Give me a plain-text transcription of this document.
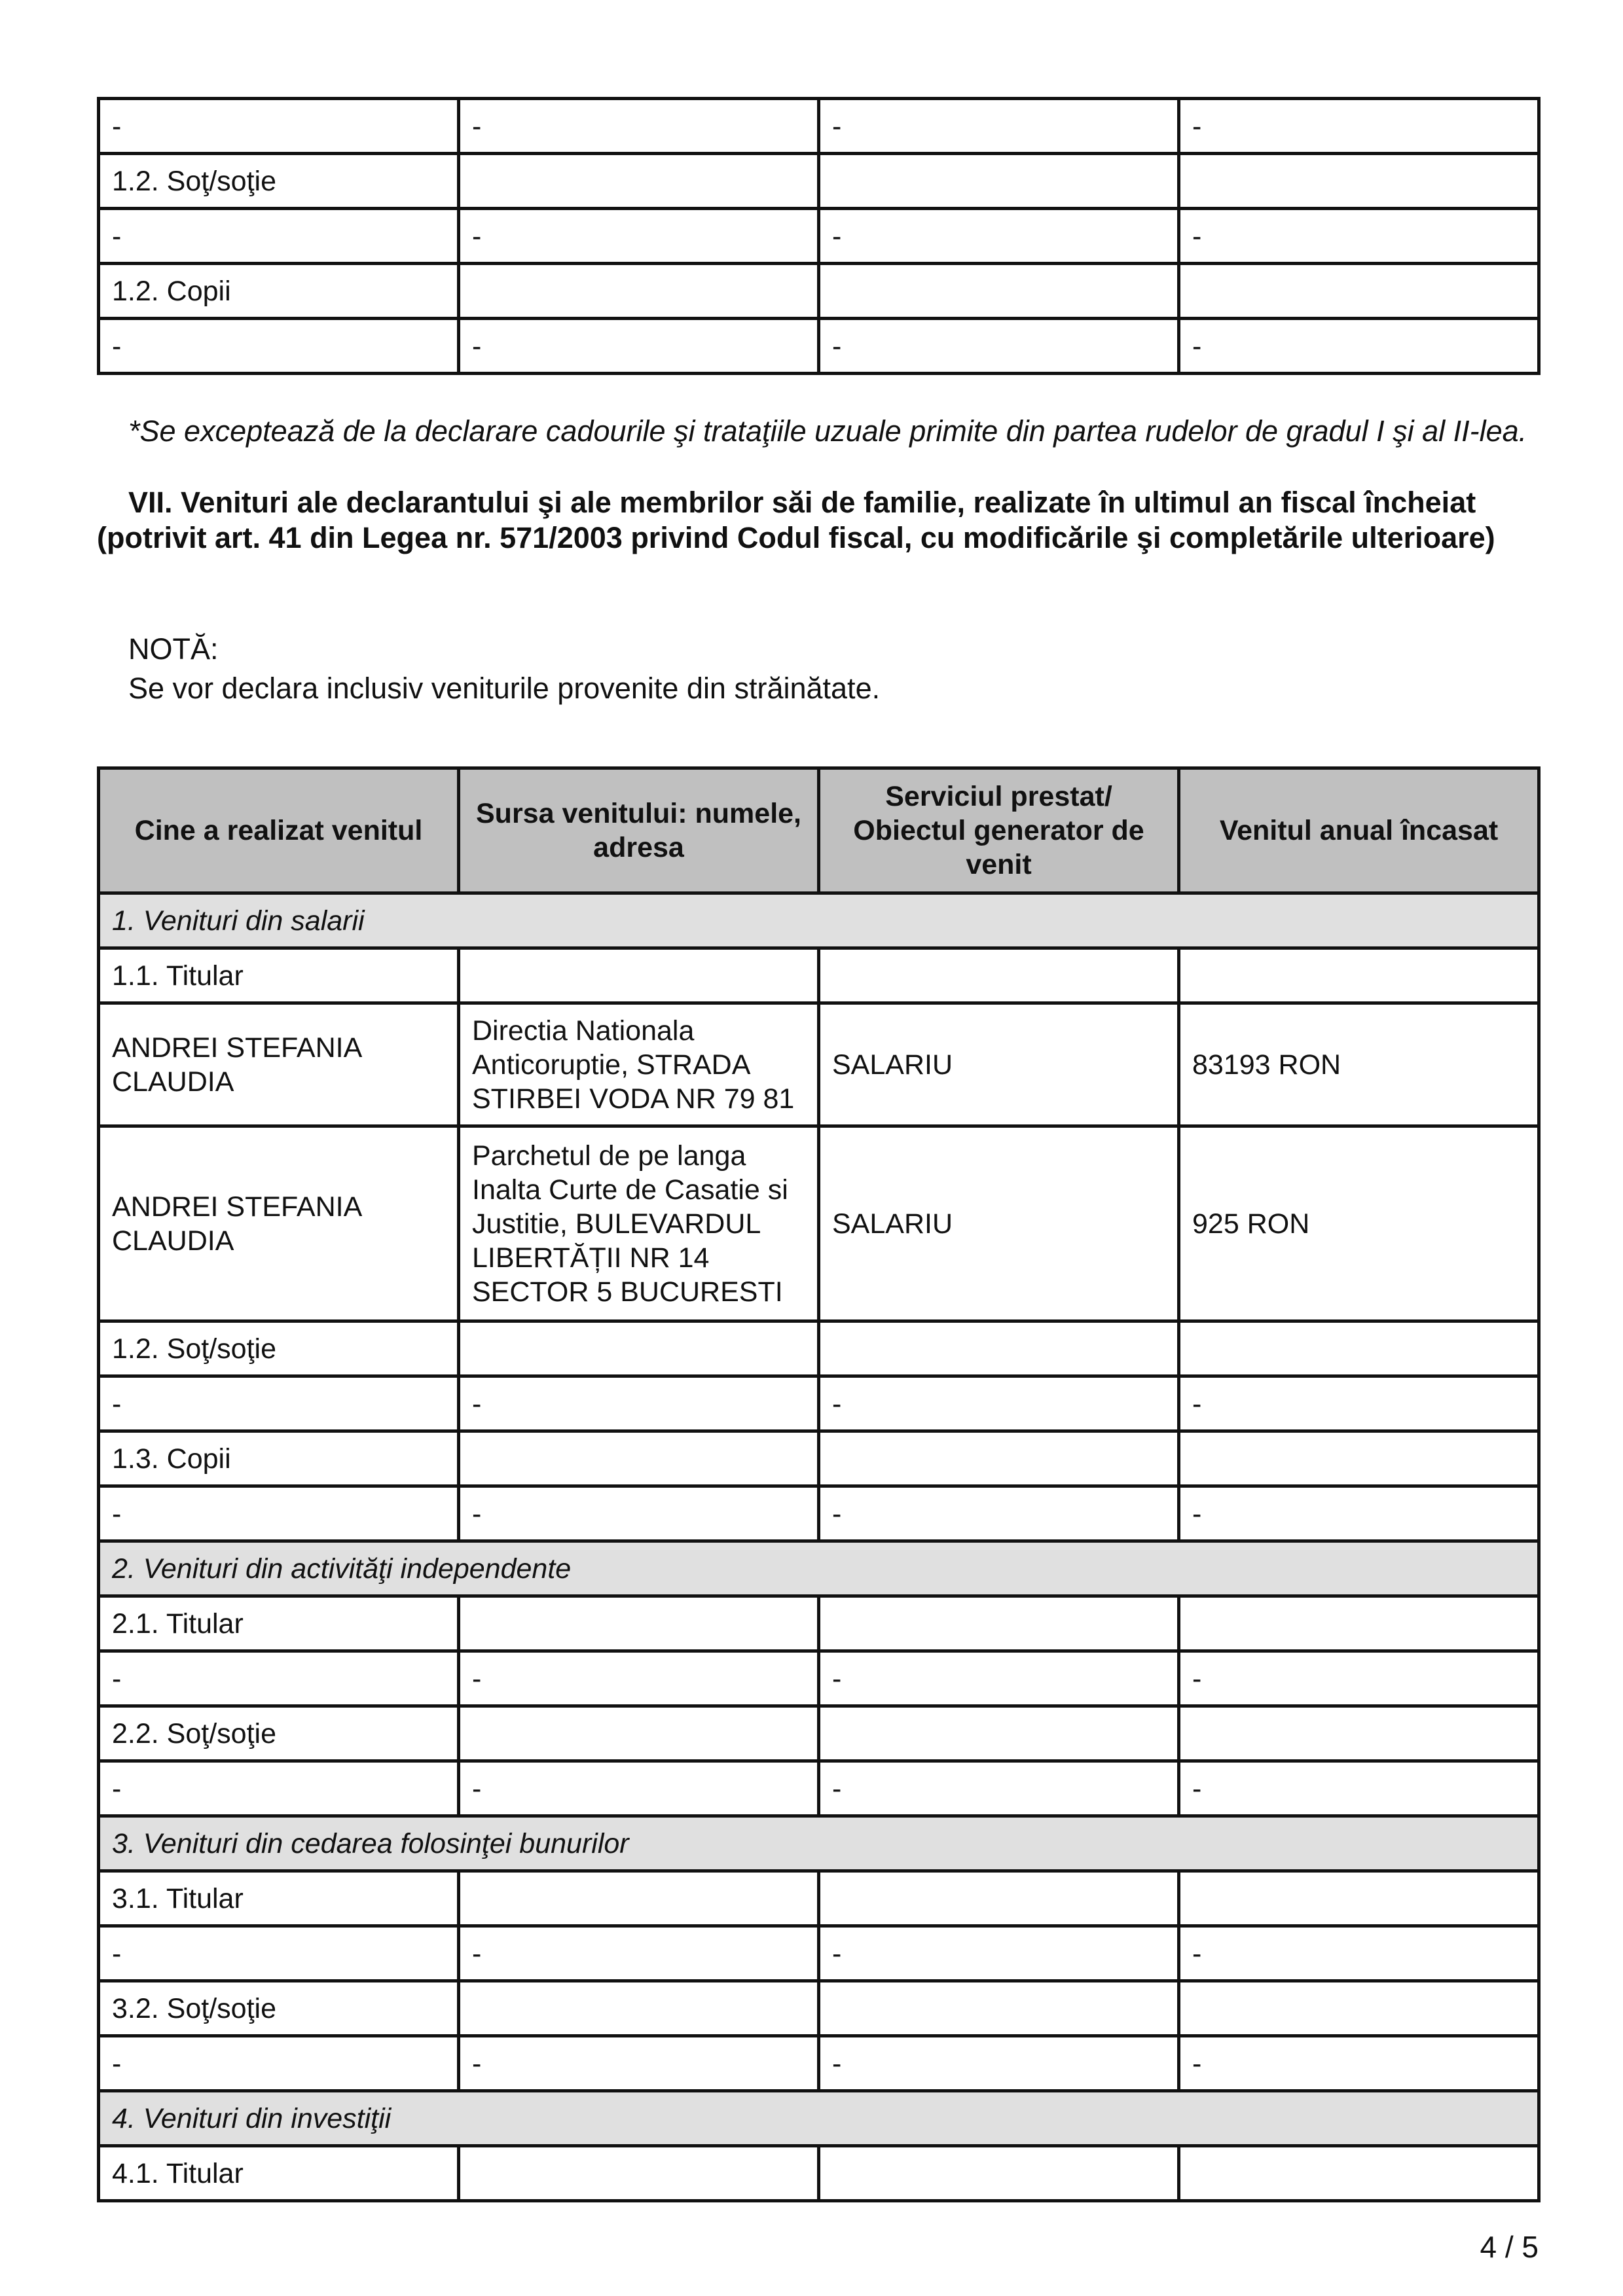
-	-	-	-
1.2. Soţ/soţie			
-	-	-	-
1.2. Copii			
-	-	-	-
*Se exceptează de la declarare cadourile şi trataţiile uzuale primite din partea rudelor de gradul I şi al II-lea.
VII. Venituri ale declarantului şi ale membrilor săi de familie, realizate în ultimul an fiscal încheiat (potrivit art. 41 din Legea nr. 571/2003 privind Codul fiscal, cu modificările şi completările ulterioare)
NOTĂ:
Se vor declara inclusiv veniturile provenite din străinătate.
Cine a realizat venitul	Sursa venitului: numele, adresa	Serviciul prestat/ Obiectul generator de venit	Venitul anual încasat
1. Venituri din salarii			
1.1. Titular			
ANDREI STEFANIA CLAUDIA	Directia Nationala Anticoruptie, STRADA STIRBEI VODA NR 79 81	SALARIU	83193 RON
ANDREI STEFANIA CLAUDIA	Parchetul de pe langa Inalta Curte de Casatie si Justitie, BULEVARDUL LIBERTĂȚII NR 14 SECTOR 5 BUCURESTI	SALARIU	925 RON
1.2. Soţ/soţie			
-	-	-	-
1.3. Copii			
-	-	-	-
2. Venituri din activităţi independente			
2.1. Titular			
-	-	-	-
2.2. Soţ/soţie			
-	-	-	-
3. Venituri din cedarea folosinţei bunurilor			
3.1. Titular			
-	-	-	-
3.2. Soţ/soţie			
-	-	-	-
4. Venituri din investiţii			
4.1. Titular			
4 / 5
